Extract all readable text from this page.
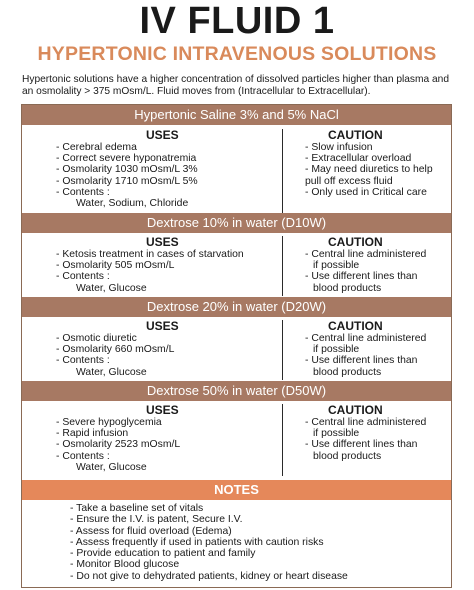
IV FLUID 1
HYPERTONIC INTRAVENOUS SOLUTIONS
Hypertonic solutions have a higher concentration of dissolved particles higher than plasma and an osmolality > 375 mOsm/L. Fluid moves from (Intracellular to Extracellular).
Hypertonic Saline 3% and 5% NaCl
USES
- Cerebral edema
- Correct severe hyponatremia
- Osmolarity 1030 mOsm/L 3%
- Osmolarity 1710 mOsm/L 5%
- Contents :
Water, Sodium, Chloride
CAUTION
- Slow infusion
- Extracellular overload
- May need diuretics to help
pull off excess fluid
- Only used in Critical care
Dextrose 10% in water (D10W)
USES
- Ketosis treatment in cases of starvation
- Osmolarity 505 mOsm/L
- Contents :
Water, Glucose
CAUTION
- Central line administered
if possible
- Use different lines than
blood products
Dextrose 20% in water (D20W)
USES
- Osmotic diuretic
- Osmolarity 660 mOsm/L
- Contents :
Water, Glucose
CAUTION
- Central line administered
if possible
- Use different lines than
blood products
Dextrose 50% in water (D50W)
USES
- Severe hypoglycemia
- Rapid infusion
- Osmolarity 2523 mOsm/L
- Contents :
Water, Glucose
CAUTION
- Central line administered
if possible
- Use different lines than
blood products
NOTES
- Take a baseline set of vitals
- Ensure the I.V. is patent, Secure I.V.
- Assess for fluid overload (Edema)
- Assess frequently if used in patients with caution risks
- Provide education to patient and family
- Monitor Blood glucose
- Do not give to dehydrated patients, kidney or heart disease
